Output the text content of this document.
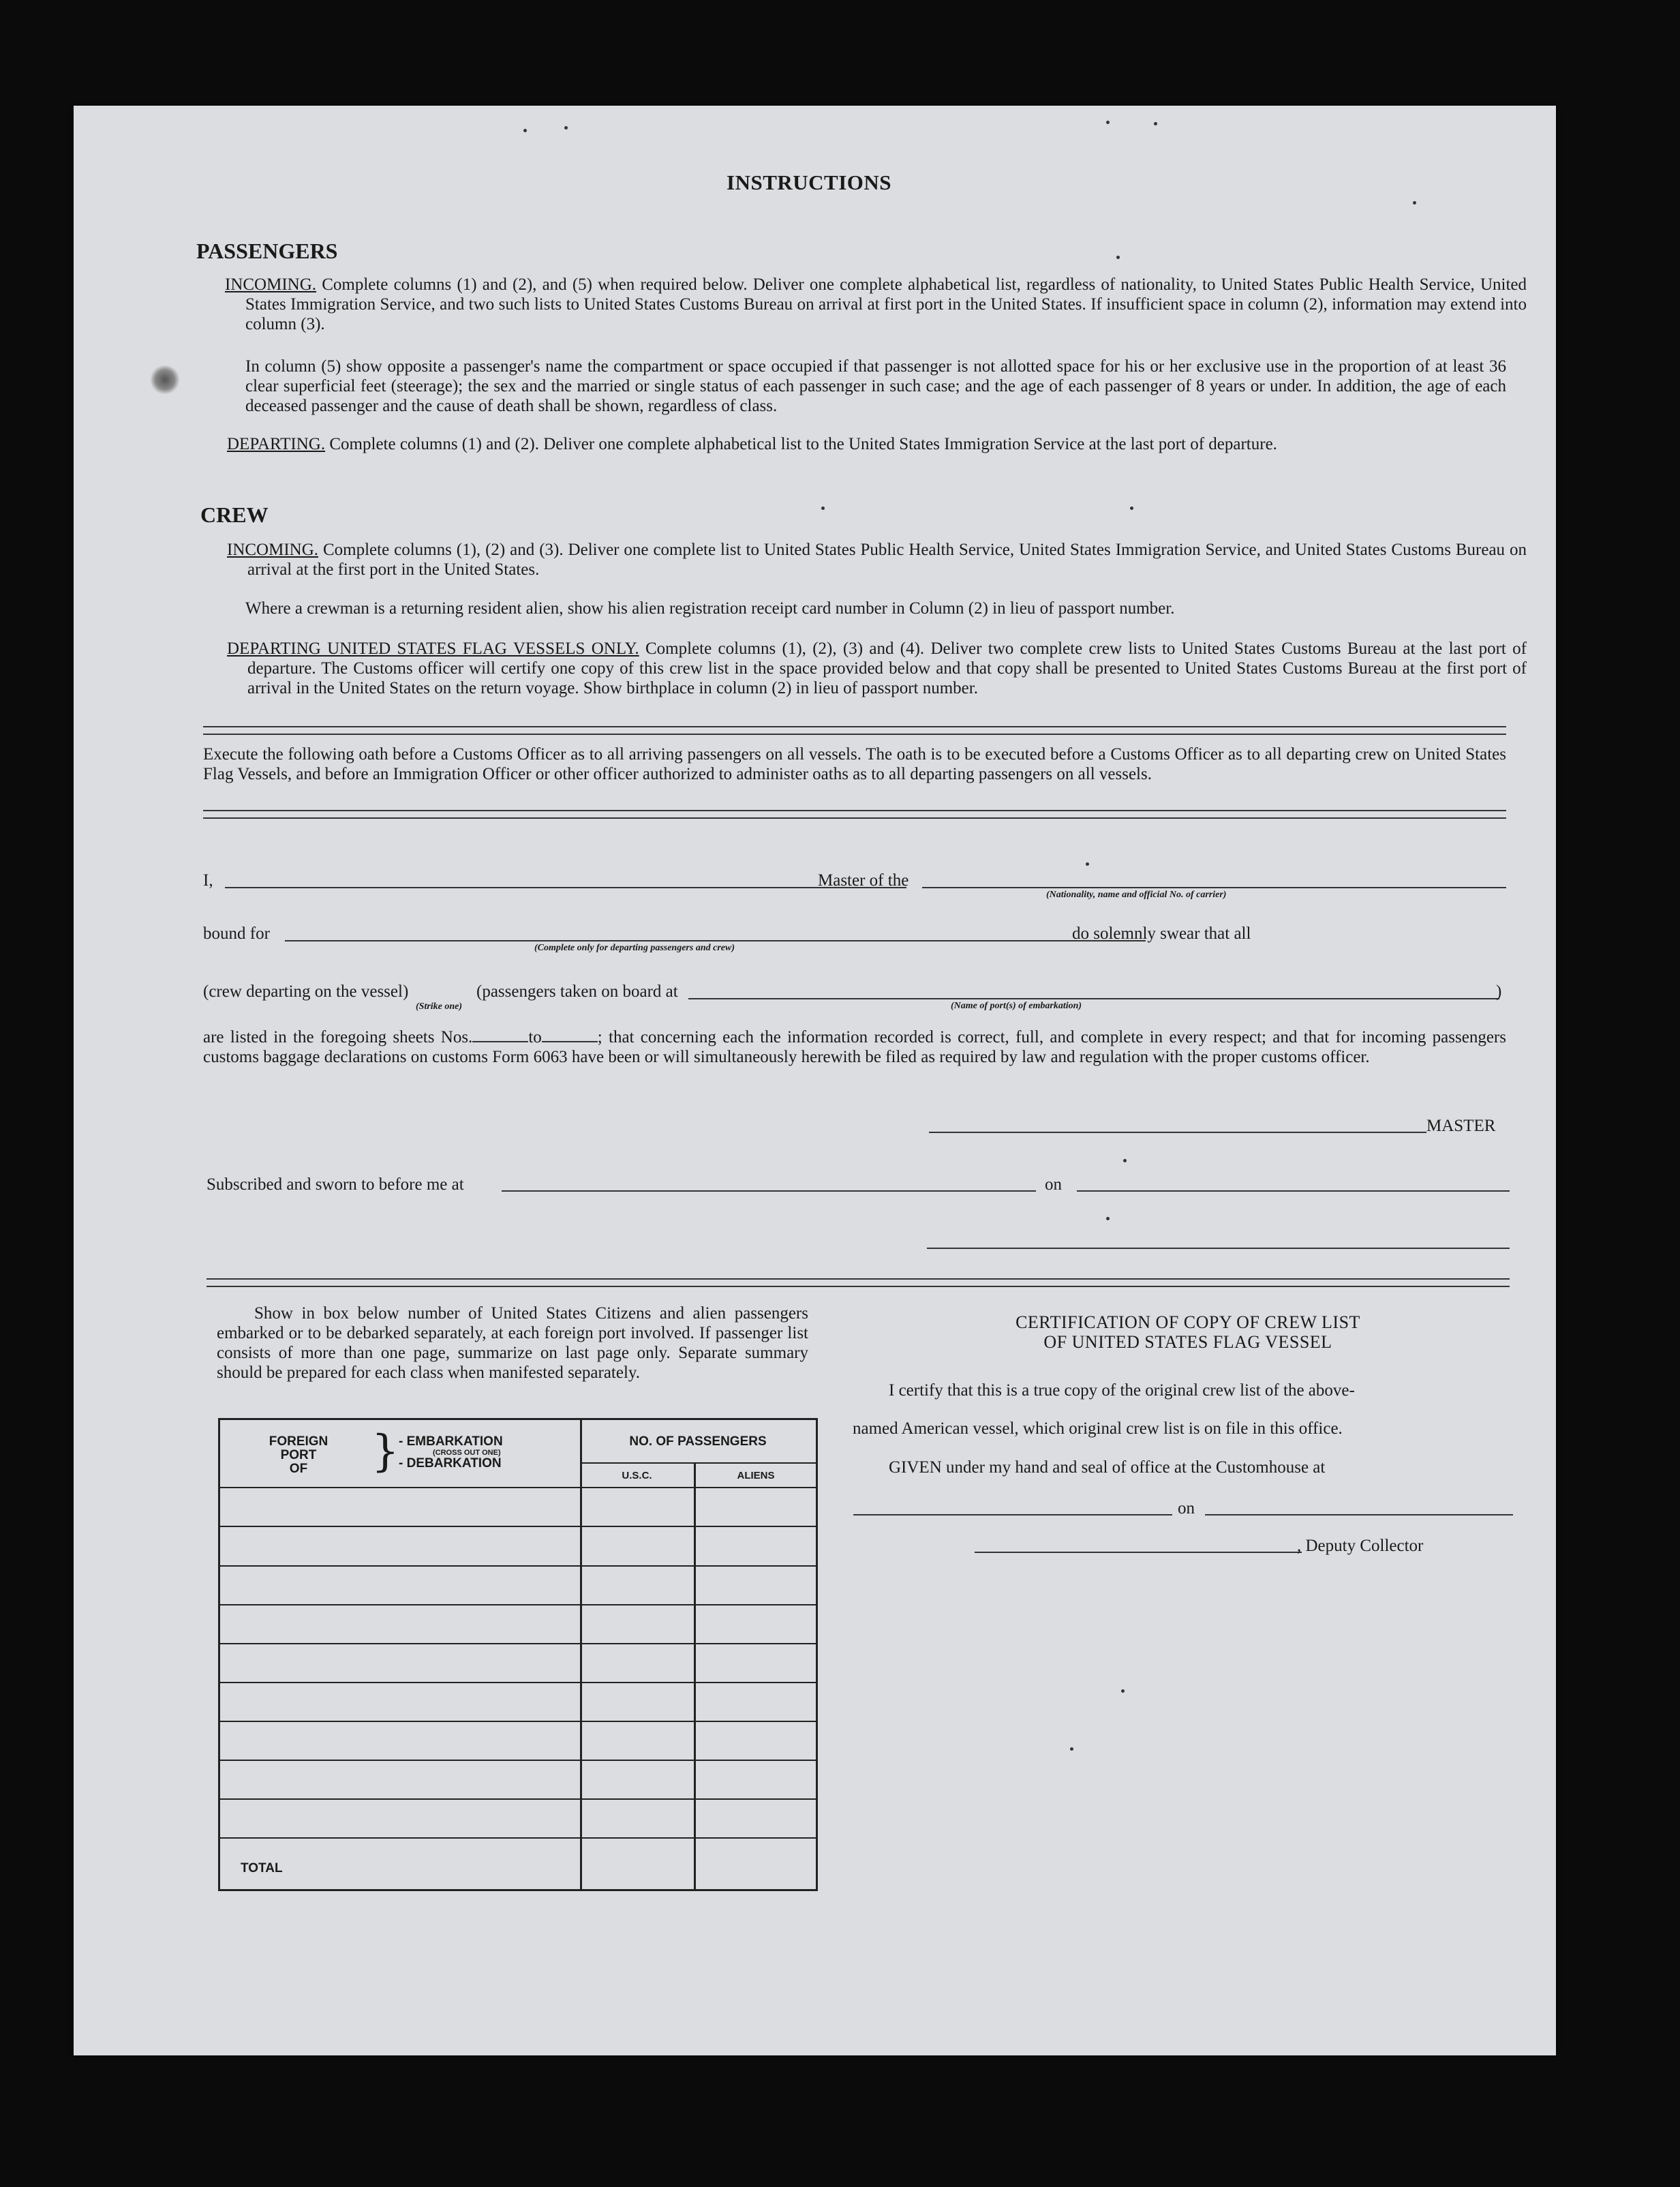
INSTRUCTIONS
PASSENGERS
INCOMING. Complete columns (1) and (2), and (5) when required below. Deliver one complete alphabetical list, regardless of nationality, to United States Public Health Service, United States Immigration Service, and two such lists to United States Customs Bureau on arrival at first port in the United States. If insufficient space in column (2), information may extend into column (3).
In column (5) show opposite a passenger's name the compartment or space occupied if that passenger is not allotted space for his or her exclusive use in the proportion of at least 36 clear superficial feet (steerage); the sex and the married or single status of each passenger in such case; and the age of each passenger of 8 years or under. In addition, the age of each deceased passenger and the cause of death shall be shown, regardless of class.
DEPARTING. Complete columns (1) and (2). Deliver one complete alphabetical list to the United States Immigration Service at the last port of departure.
CREW
INCOMING. Complete columns (1), (2) and (3). Deliver one complete list to United States Public Health Service, United States Immigration Service, and United States Customs Bureau on arrival at the first port in the United States.
Where a crewman is a returning resident alien, show his alien registration receipt card number in Column (2) in lieu of passport number.
DEPARTING UNITED STATES FLAG VESSELS ONLY. Complete columns (1), (2), (3) and (4). Deliver two complete crew lists to United States Customs Bureau at the last port of departure. The Customs officer will certify one copy of this crew list in the space provided below and that copy shall be presented to United States Customs Bureau at the first port of arrival in the United States on the return voyage. Show birthplace in column (2) in lieu of passport number.
Execute the following oath before a Customs Officer as to all arriving passengers on all vessels. The oath is to be executed before a Customs Officer as to all departing crew on United States Flag Vessels, and before an Immigration Officer or other officer authorized to administer oaths as to all departing passengers on all vessels.
I,	Master of the
(Nationality, name and official No. of carrier)
bound for
(Complete only for departing passengers and crew)
do solemnly swear that all
(crew departing on the vessel)	(passengers taken on board at
(Strike one)	(Name of port(s) of embarkation)
)
are listed in the foregoing sheets Nos.	to	; that concerning each the information recorded is correct, full, and complete in every respect; and that for incoming passengers customs baggage declarations on customs Form 6063 have been or will simultaneously herewith be filed as required by law and regulation with the proper customs officer.
MASTER
Subscribed and sworn to before me at	on
Show in box below number of United States Citizens and alien passengers embarked or to be debarked separately, at each foreign port involved. If passenger list consists of more than one page, summarize on last page only. Separate summary should be prepared for each class when manifested separately.
FOREIGN
PORT
OF	} - EMBARKATION
(CROSS OUT ONE)
- DEBARKATION
NO. OF PASSENGERS
U.S.C.	ALIENS
TOTAL
CERTIFICATION OF COPY OF CREW LIST
OF UNITED STATES FLAG VESSEL
I certify that this is a true copy of the original crew list of the above-
named American vessel, which original crew list is on file in this office.
GIVEN under my hand and seal of office at the Customhouse at
on
, Deputy Collector
